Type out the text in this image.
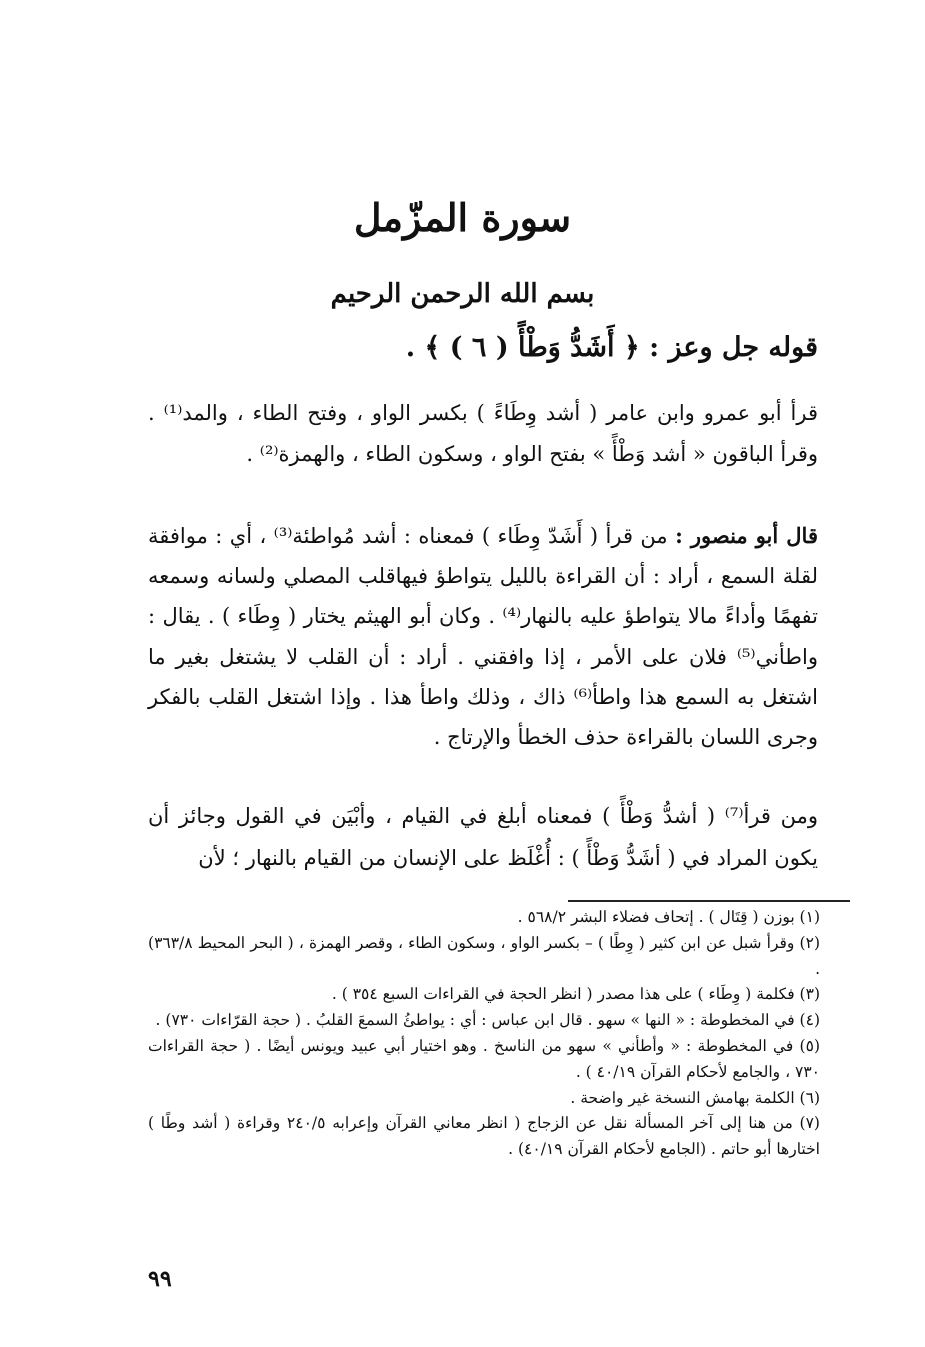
سورة المزّمل
بسم الله الرحمن الرحيم
قوله جل وعز : ﴿ أَشَدُّ وَطْأً ( ٦ ) ﴾ .

قرأ أبو عمرو وابن عامر ( أشد وِطَاءً ) بكسر الواو ، وفتح الطاء ، والمد⁽¹⁾ . وقرأ الباقون « أشد وَطْأً » بفتح الواو ، وسكون الطاء ، والهمزة⁽²⁾ .

قال أبو منصور : من قرأ ( أَشَدّ وِطَاء ) فمعناه : أشد مُواطئة⁽³⁾ ، أي : موافقة لقلة السمع ، أراد : أن القراءة بالليل يتواطؤ فيهاقلب المصلي ولسانه وسمعه تفهمًا وأداءً مالا يتواطؤ عليه بالنهار⁽⁴⁾ . وكان أبو الهيثم يختار ( وِطَاء ) . يقال : واطأني⁽⁵⁾ فلان على الأمر ، إذا وافقني . أراد : أن القلب لا يشتغل بغير ما اشتغل به السمع هذا واطأ⁽⁶⁾ ذاك ، وذلك واطأ هذا . وإذا اشتغل القلب بالفكر وجرى اللسان بالقراءة حذف الخطأ والإرتاج .

ومن قرأ⁽⁷⁾ ( أشدُّ وَطْأً ) فمعناه أبلغ في القيام ، وأبْيَن في القول وجائز أن يكون المراد في ( أشَدُّ وَطْأً ) : أُغْلَظ على الإنسان من القيام بالنهار ؛ لأن

(١) بوزن ( قِتَال ) . إتحاف فضلاء البشر ٥٦٨/٢ .

(٢) وقرأ شبل عن ابن كثير ( وِطًا ) – بكسر الواو ، وسكون الطاء ، وقصر الهمزة ، ( البحر المحيط ٣٦٣/٨) .

(٣) فكلمة ( وِطَاء ) على هذا مصدر ( انظر الحجة في القراءات السبع ٣٥٤ ) .

(٤) في المخطوطة : « النها » سهو . قال ابن عباس : أي : يواطئُ السمعَ القلبُ . ( حجة القرّاءات ٧٣٠) .

(٥) في المخطوطة : « وأطأني » سهو من الناسخ . وهو اختيار أبي عبيد ويونس أيضًا . ( حجة القراءات ٧٣٠ ، والجامع لأحكام القرآن ٤٠/١٩ ) .

(٦) الكلمة بهامش النسخة غير واضحة .

(٧) من هنا إلى آخر المسألة نقل عن الزجاج ( انظر معاني القرآن وإعرابه ٢٤٠/٥ وقراءة ( أشد وطًا ) اختارها أبو حاتم . (الجامع لأحكام القرآن ٤٠/١٩) .

٩٩
